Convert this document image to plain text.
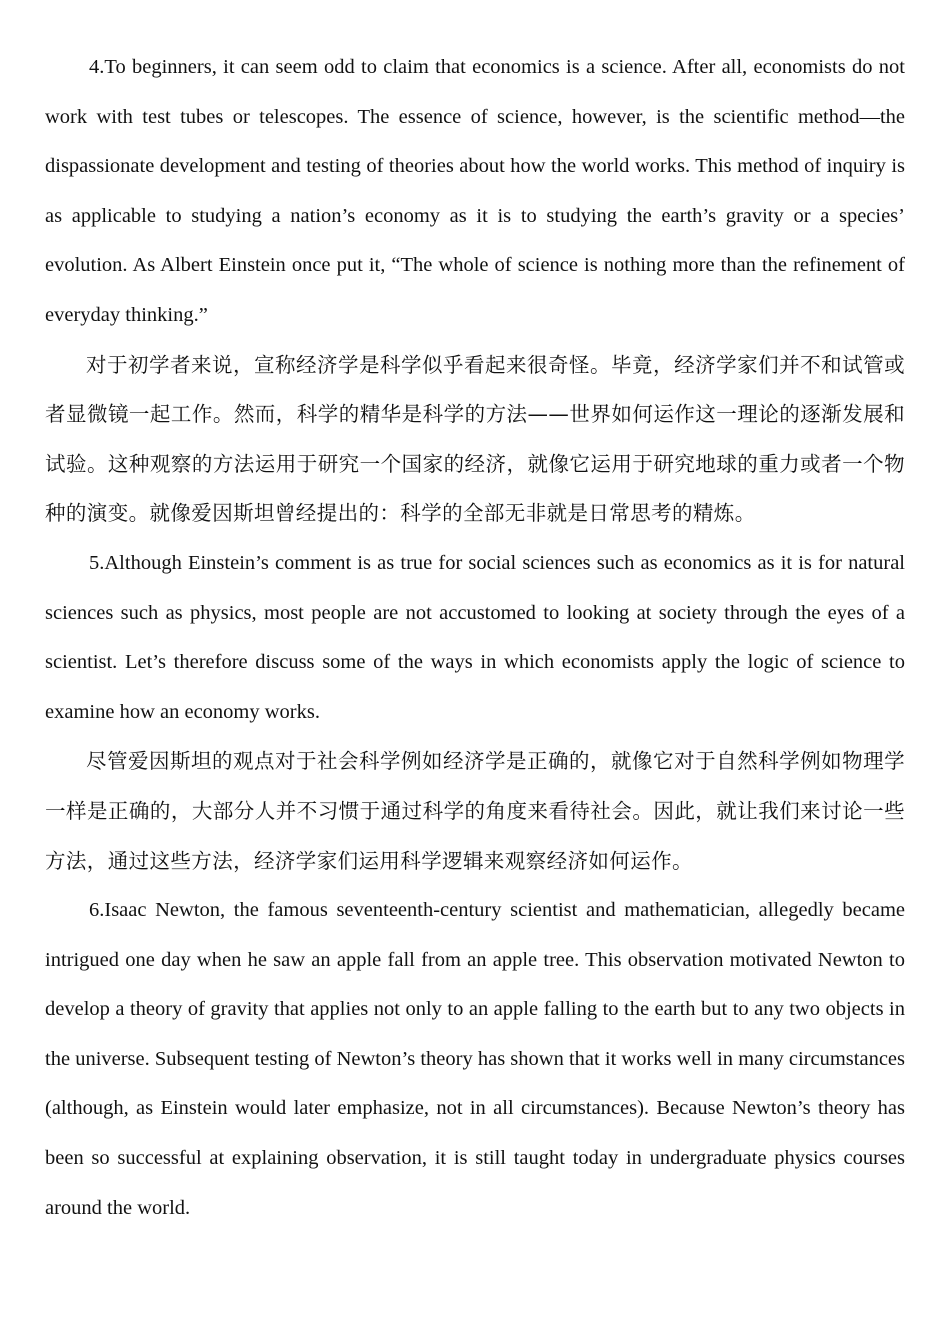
4.To beginners, it can seem odd to claim that economics is a science. After all, economists do not work with test tubes or telescopes. The essence of science, however, is the scientific method—the dispassionate development and testing of theories about how the world works. This method of inquiry is as applicable to studying a nation’s economy as it is to studying the earth’s gravity or a species’ evolution. As Albert Einstein once put it, “The whole of science is nothing more than the refinement of everyday thinking.”

对于初学者来说，宣称经济学是科学似乎看起来很奇怪。毕竟，经济学家们并不和试管或者显微镜一起工作。然而，科学的精华是科学的方法——世界如何运作这一理论的逐渐发展和试验。这种观察的方法运用于研究一个国家的经济，就像它运用于研究地球的重力或者一个物种的演变。就像爱因斯坦曾经提出的：科学的全部无非就是日常思考的精炼。

5.Although Einstein’s comment is as true for social sciences such as economics as it is for natural sciences such as physics, most people are not accustomed to looking at society through the eyes of a scientist. Let’s therefore discuss some of the ways in which economists apply the logic of science to examine how an economy works.

尽管爱因斯坦的观点对于社会科学例如经济学是正确的，就像它对于自然科学例如物理学一样是正确的，大部分人并不习惯于通过科学的角度来看待社会。因此，就让我们来讨论一些方法，通过这些方法，经济学家们运用科学逻辑来观察经济如何运作。

6.Isaac Newton, the famous seventeenth-century scientist and mathematician, allegedly became intrigued one day when he saw an apple fall from an apple tree. This observation motivated Newton to develop a theory of gravity that applies not only to an apple falling to the earth but to any two objects in the universe. Subsequent testing of Newton’s theory has shown that it works well in many circumstances (although, as Einstein would later emphasize, not in all circumstances). Because Newton’s theory has been so successful at explaining observation, it is still taught today in undergraduate physics courses around the world.
